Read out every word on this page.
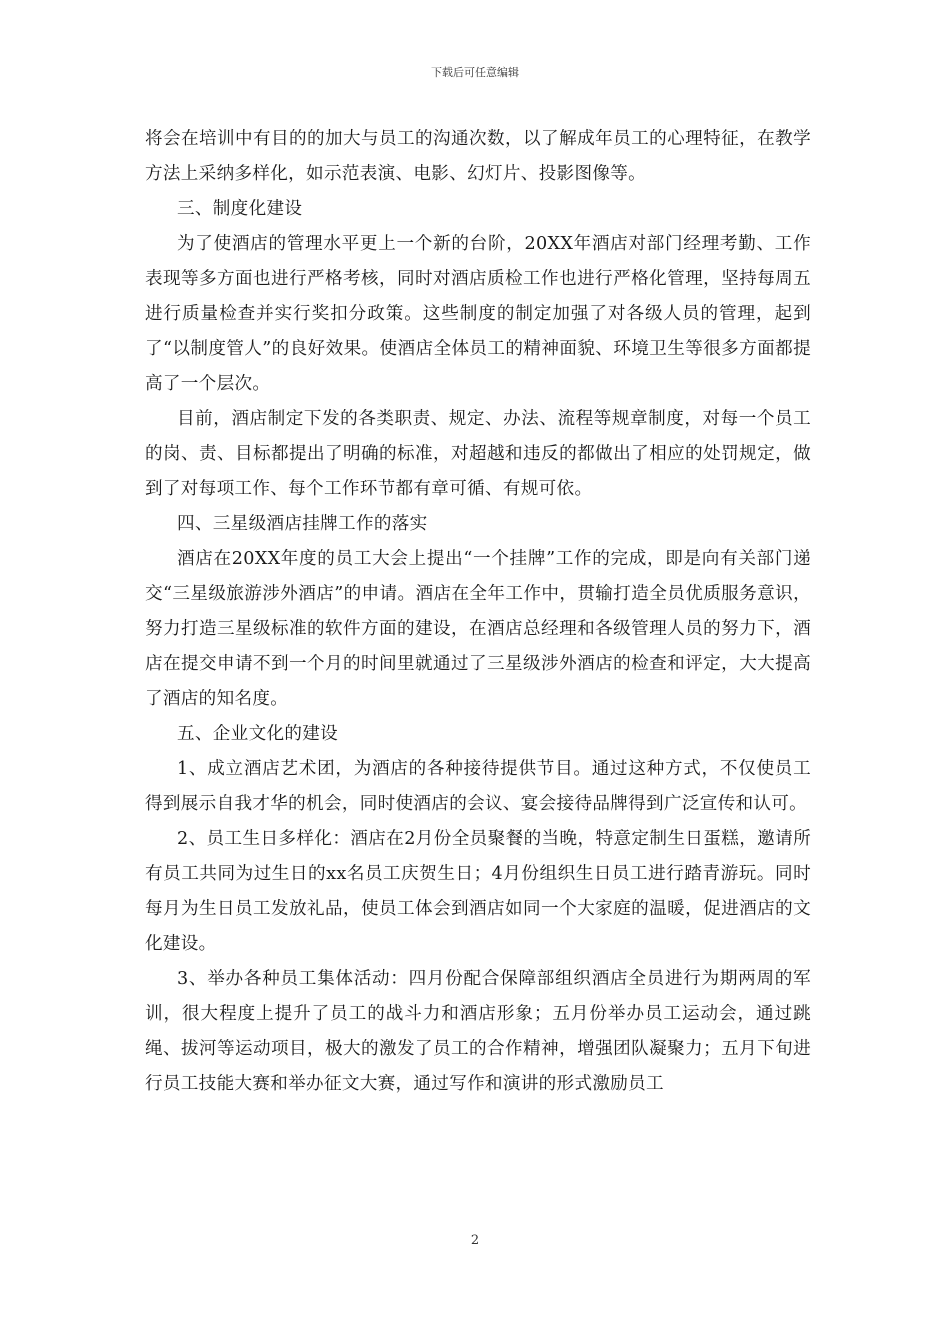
下载后可任意编辑

将会在培训中有目的的加大与员工的沟通次数，以了解成年员工的心理特征，在教学方法上采纳多样化，如示范表演、电影、幻灯片、投影图像等。

三、制度化建设

为了使酒店的管理水平更上一个新的台阶，20XX年酒店对部门经理考勤、工作表现等多方面也进行严格考核，同时对酒店质检工作也进行严格化管理，坚持每周五进行质量检查并实行奖扣分政策。这些制度的制定加强了对各级人员的管理，起到了“以制度管人”的良好效果。使酒店全体员工的精神面貌、环境卫生等很多方面都提高了一个层次。

目前，酒店制定下发的各类职责、规定、办法、流程等规章制度，对每一个员工的岗、责、目标都提出了明确的标准，对超越和违反的都做出了相应的处罚规定，做到了对每项工作、每个工作环节都有章可循、有规可依。

四、三星级酒店挂牌工作的落实

酒店在20XX年度的员工大会上提出“一个挂牌”工作的完成，即是向有关部门递交“三星级旅游涉外酒店”的申请。酒店在全年工作中，贯输打造全员优质服务意识，努力打造三星级标准的软件方面的建设，在酒店总经理和各级管理人员的努力下，酒店在提交申请不到一个月的时间里就通过了三星级涉外酒店的检查和评定，大大提高了酒店的知名度。

五、企业文化的建设

1、成立酒店艺术团，为酒店的各种接待提供节目。通过这种方式，不仅使员工得到展示自我才华的机会，同时使酒店的会议、宴会接待品牌得到广泛宣传和认可。

2、员工生日多样化：酒店在2月份全员聚餐的当晚，特意定制生日蛋糕，邀请所有员工共同为过生日的xx名员工庆贺生日；4月份组织生日员工进行踏青游玩。同时每月为生日员工发放礼品，使员工体会到酒店如同一个大家庭的温暖，促进酒店的文化建设。

3、举办各种员工集体活动：四月份配合保障部组织酒店全员进行为期两周的军训，很大程度上提升了员工的战斗力和酒店形象；五月份举办员工运动会，通过跳绳、拔河等运动项目，极大的激发了员工的合作精神，增强团队凝聚力；五月下旬进行员工技能大赛和举办征文大赛，通过写作和演讲的形式激励员工

2
